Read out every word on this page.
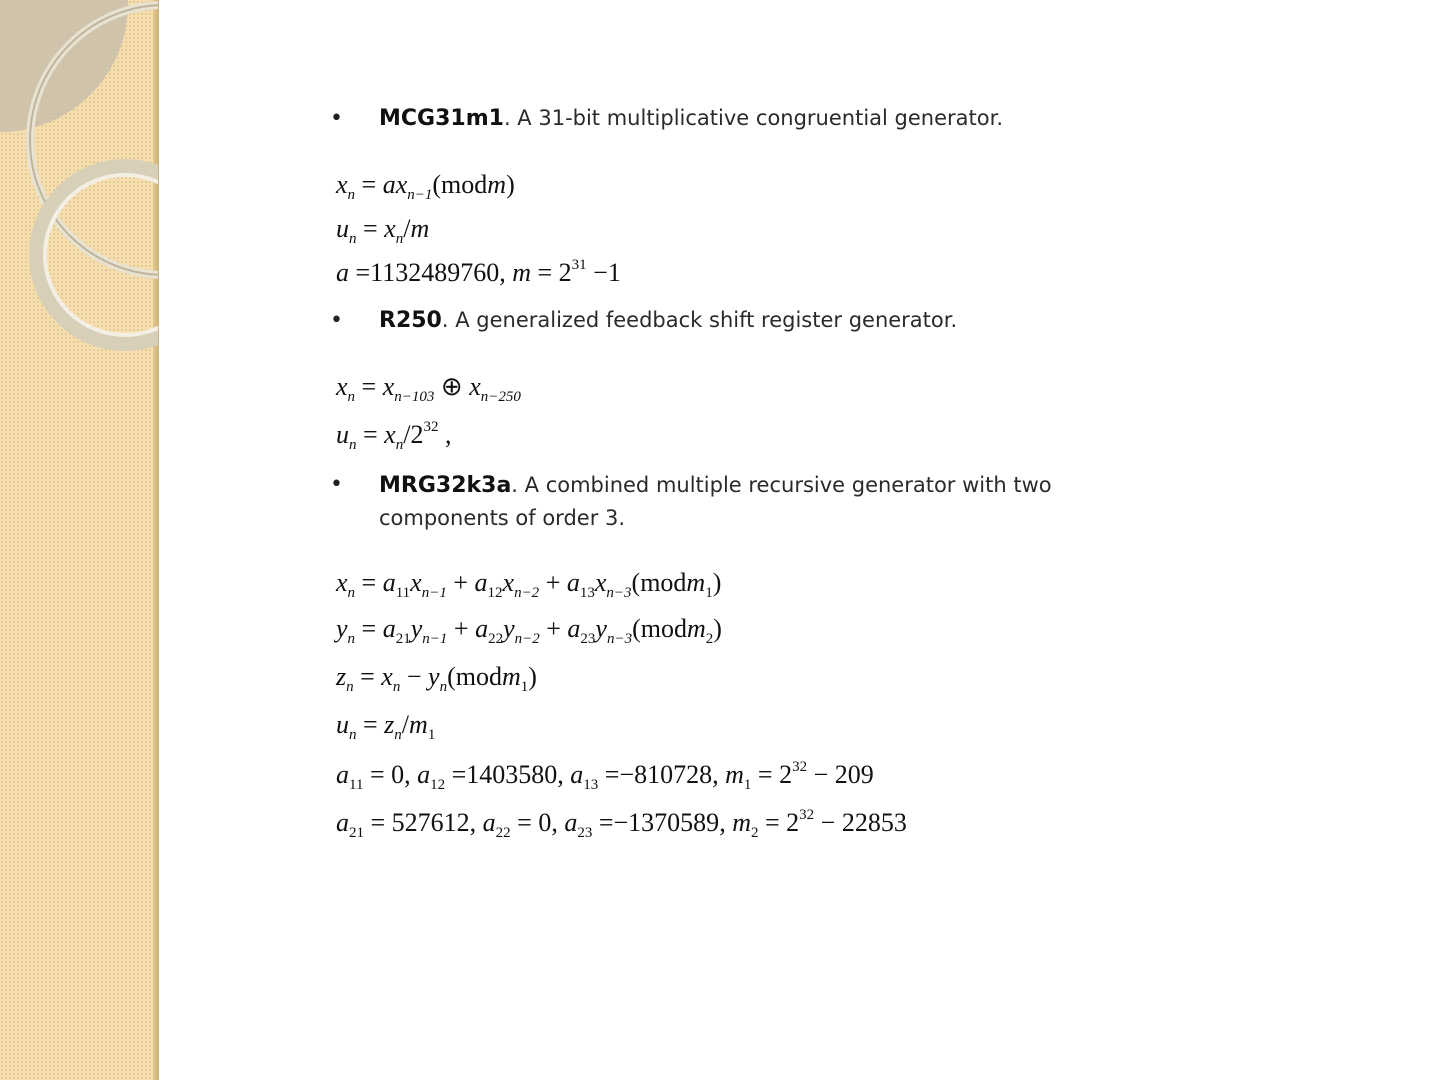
• MCG31m1. A 31-bit multiplicative congruential generator.
$x_n$ = $ax_{n-1}(modm)$
$u_n = x_n/m$
a =1132489760, $m = 2^{31} -1$
• R250. A generalized feedback shift register generator.
$x_n = x_{n-103}$ ⊕ $x_{n-250}$
$u_n = x_n/2^{32}$ ,
• MRG32k3a. A combined multiple recursive generator with two components of order 3.
$x_n = a_{11}x_{n-1} + a_{12}x_{n-2}$ + $a_{13}x_{n-3}(modm_1)$
$y_n = a_{21}y_{n-1} + a_{22}y_{n-2}$ + $a_{23}y_{n-3}(modm_2)$
$z_n = x_n$ − $y_n(modm_1)$
$u_n = z_n/m_1$
$a_{11} = 0$, $a_{12} =1403580$, $a_{13} =-810728$, $m_1 = 2^{32} - 209$
$a_{21} = 527612$, $a_{22} = 0$, $a_{23} =-1370589$, $m_2 = 2^{32} - 22853$
